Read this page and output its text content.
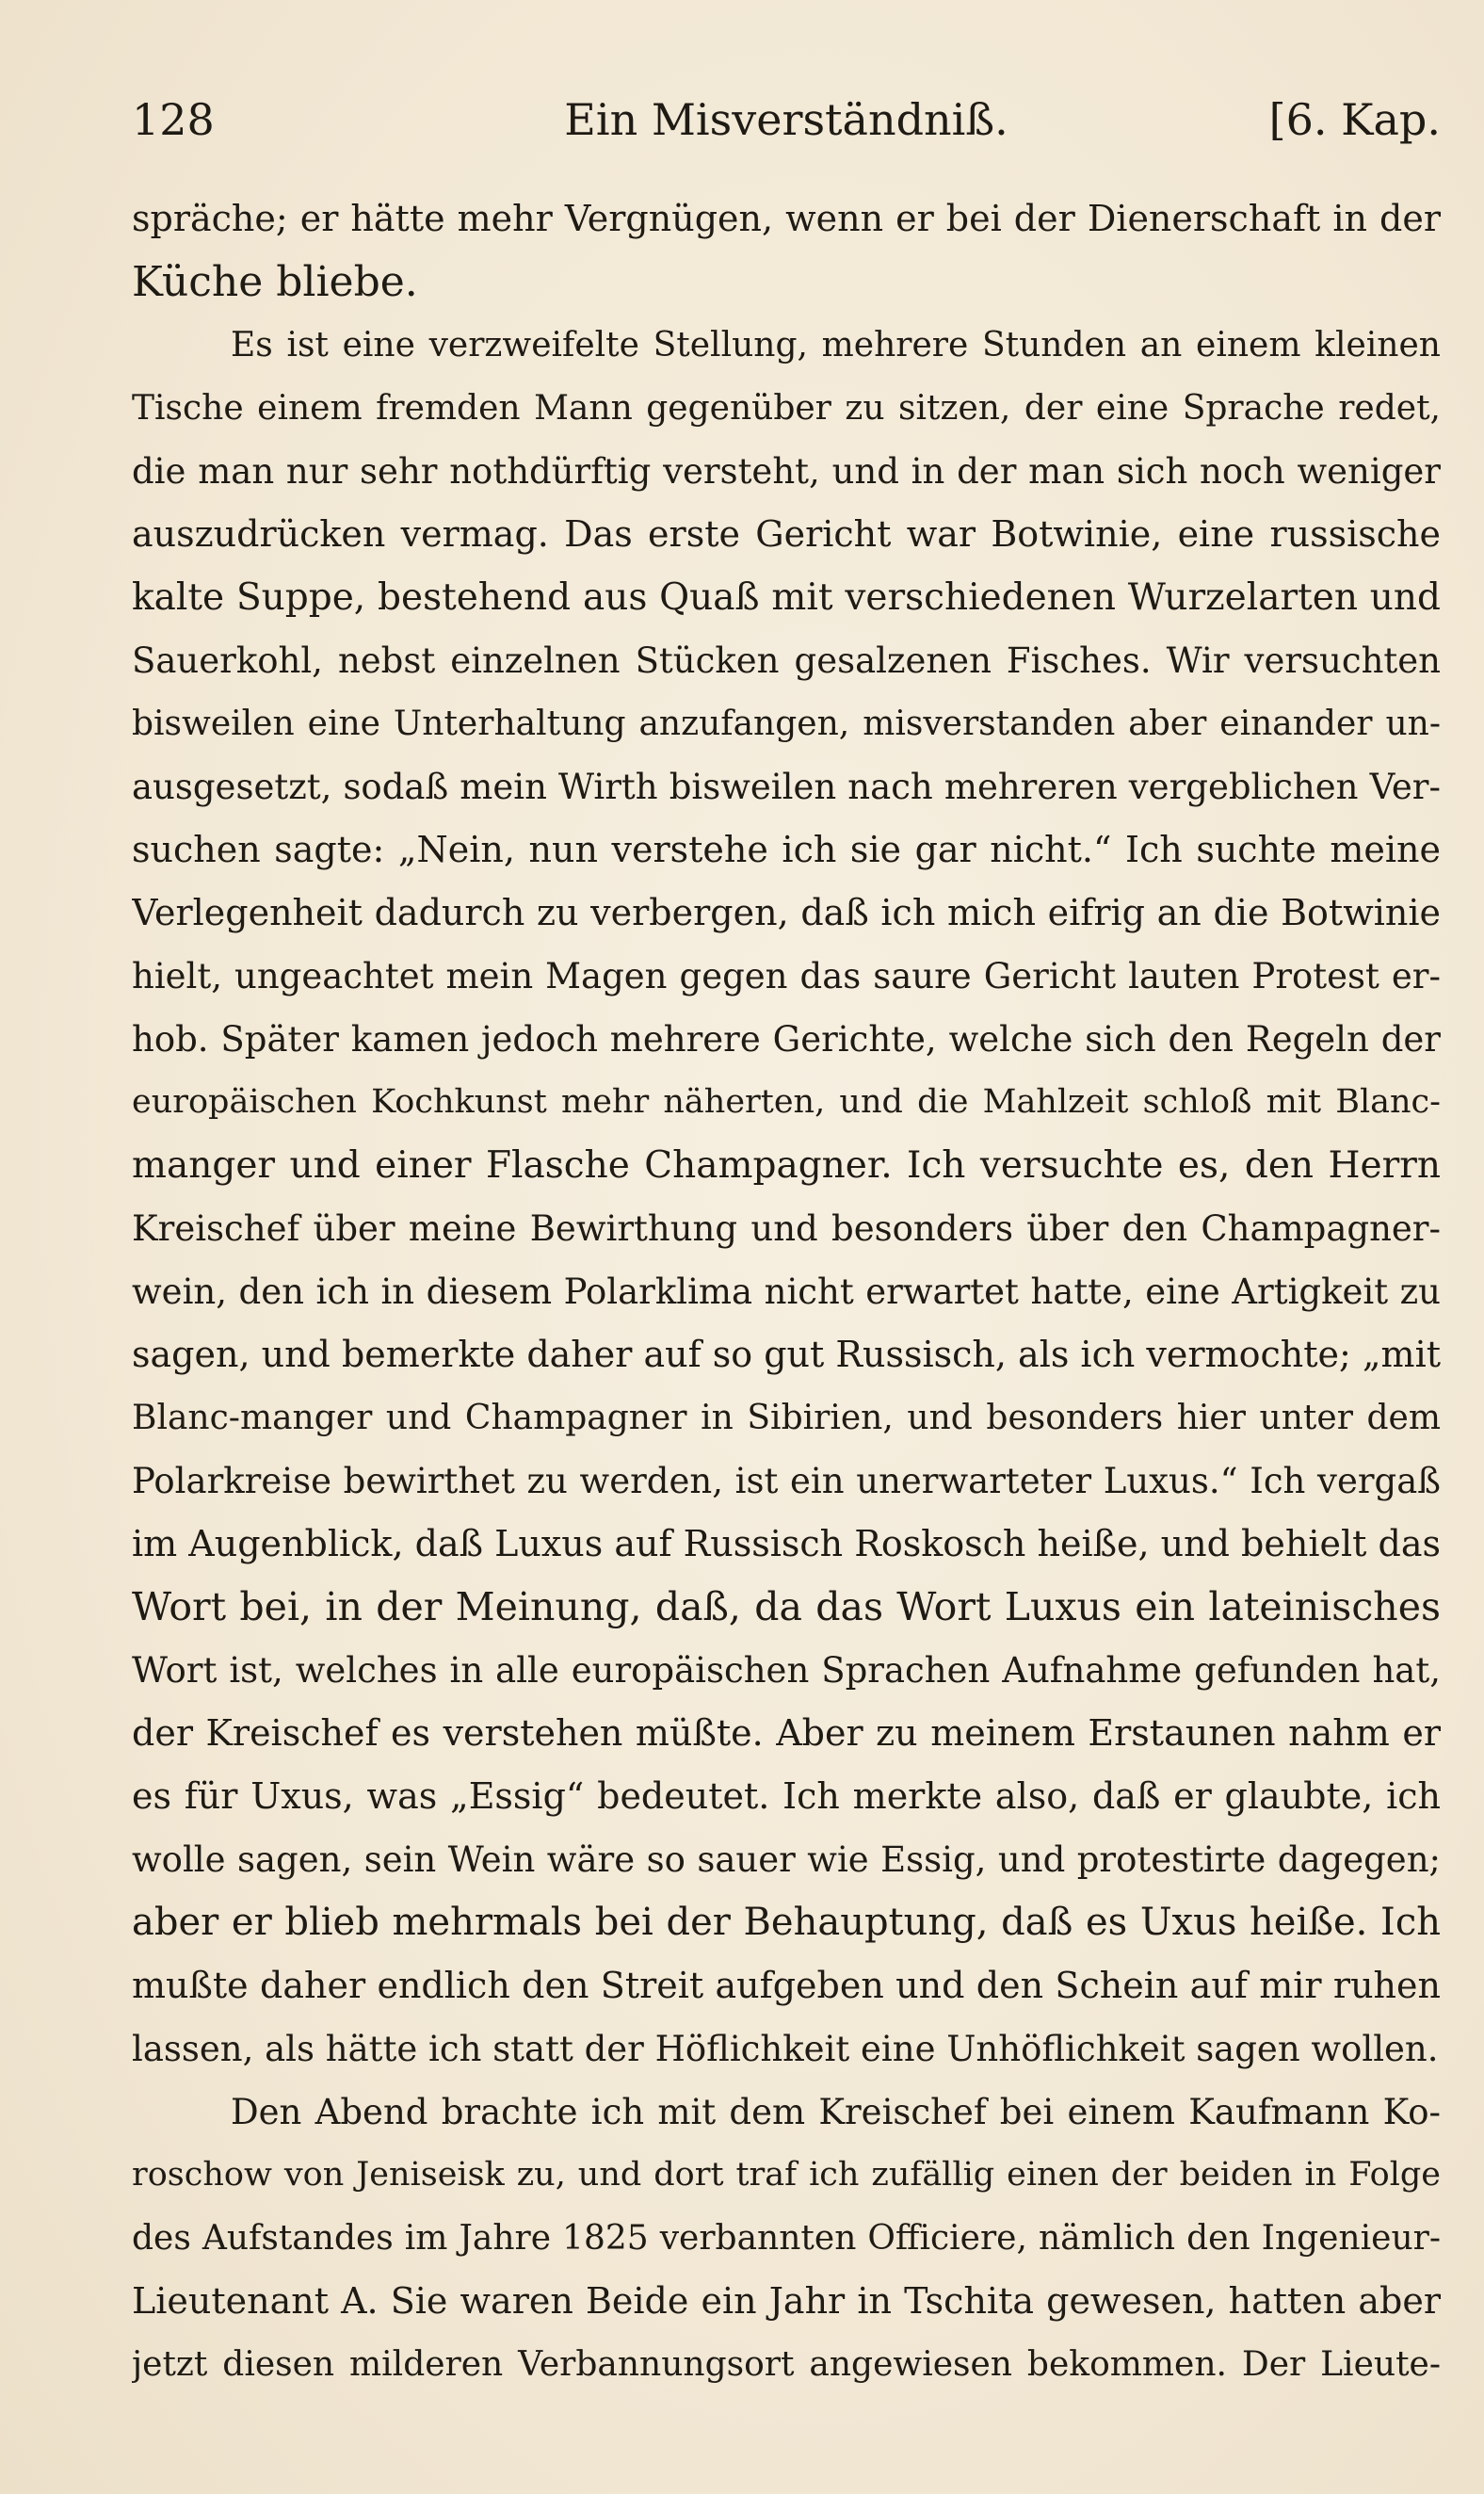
128	Ein Misverständniß.	[6. Kap.
spräche; er hätte mehr Vergnügen, wenn er bei der Dienerschaft in der
Küche bliebe.
Es ist eine verzweifelte Stellung, mehrere Stunden an einem kleinen
Tische einem fremden Mann gegenüber zu sitzen, der eine Sprache redet,
die man nur sehr nothdürftig versteht, und in der man sich noch weniger
auszudrücken vermag. Das erste Gericht war Botwinie, eine russische
kalte Suppe, bestehend aus Quaß mit verschiedenen Wurzelarten und
Sauerkohl, nebst einzelnen Stücken gesalzenen Fisches. Wir versuchten
bisweilen eine Unterhaltung anzufangen, misverstanden aber einander un-
ausgesetzt, sodaß mein Wirth bisweilen nach mehreren vergeblichen Ver-
suchen sagte: „Nein, nun verstehe ich sie gar nicht.“ Ich suchte meine
Verlegenheit dadurch zu verbergen, daß ich mich eifrig an die Botwinie
hielt, ungeachtet mein Magen gegen das saure Gericht lauten Protest er-
hob. Später kamen jedoch mehrere Gerichte, welche sich den Regeln der
europäischen Kochkunst mehr näherten, und die Mahlzeit schloß mit Blanc-
manger und einer Flasche Champagner. Ich versuchte es, den Herrn
Kreischef über meine Bewirthung und besonders über den Champagner-
wein, den ich in diesem Polarklima nicht erwartet hatte, eine Artigkeit zu
sagen, und bemerkte daher auf so gut Russisch, als ich vermochte; „mit
Blanc-manger und Champagner in Sibirien, und besonders hier unter dem
Polarkreise bewirthet zu werden, ist ein unerwarteter Luxus.“ Ich vergaß
im Augenblick, daß Luxus auf Russisch Roskosch heiße, und behielt das
Wort bei, in der Meinung, daß, da das Wort Luxus ein lateinisches
Wort ist, welches in alle europäischen Sprachen Aufnahme gefunden hat,
der Kreischef es verstehen müßte. Aber zu meinem Erstaunen nahm er
es für Uxus, was „Essig“ bedeutet. Ich merkte also, daß er glaubte, ich
wolle sagen, sein Wein wäre so sauer wie Essig, und protestirte dagegen;
aber er blieb mehrmals bei der Behauptung, daß es Uxus heiße. Ich
mußte daher endlich den Streit aufgeben und den Schein auf mir ruhen
lassen, als hätte ich statt der Höflichkeit eine Unhöflichkeit sagen wollen.
Den Abend brachte ich mit dem Kreischef bei einem Kaufmann Ko-
roschow von Jeniseisk zu, und dort traf ich zufällig einen der beiden in Folge
des Aufstandes im Jahre 1825 verbannten Officiere, nämlich den Ingenieur-
Lieutenant A. Sie waren Beide ein Jahr in Tschita gewesen, hatten aber
jetzt diesen milderen Verbannungsort angewiesen bekommen. Der Lieute-
